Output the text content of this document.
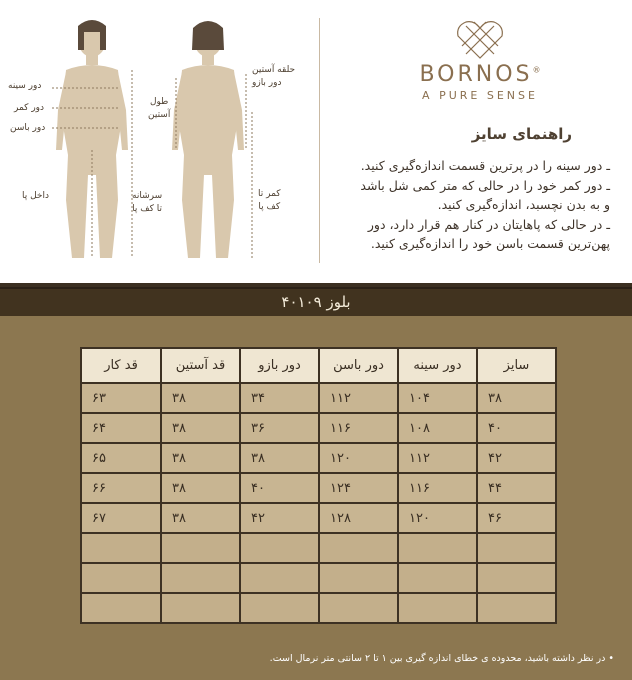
دور سینه
دور کمر
دور باسن
داخل پا	سرشانه
تا کف پا
طول
آستین
حلقه آستین
دور بازو
کمر تا
کف پا
BORNOS®
A PURE SENSE
راهنمای سایز

ـ دور سینه را در پرترین قسمت اندازه‌گیری کنید.

ـ دور کمر خود را در حالی که متر کمی شل باشد

و به بدن نچسبد، اندازه‌گیری کنید.

ـ در حالی که پاهایتان در کنار هم قرار دارد، دور

پهن‌ترین قسمت باسن خود را اندازه‌گیری کنید.

بلوز ۴۰۱۰۹
سایز	دور سینه	دور باسن	دور بازو	قد آستین	قد کار
۳۸	۱۰۴	۱۱۲	۳۴	۳۸	۶۳
۴۰	۱۰۸	۱۱۶	۳۶	۳۸	۶۴
۴۲	۱۱۲	۱۲۰	۳۸	۳۸	۶۵
۴۴	۱۱۶	۱۲۴	۴۰	۳۸	۶۶
۴۶	۱۲۰	۱۲۸	۴۲	۳۸	۶۷

• در نظر داشته باشید، محدوده ی خطای اندازه گیری بین ۱ تا ۲ سانتی متر نرمال است.
